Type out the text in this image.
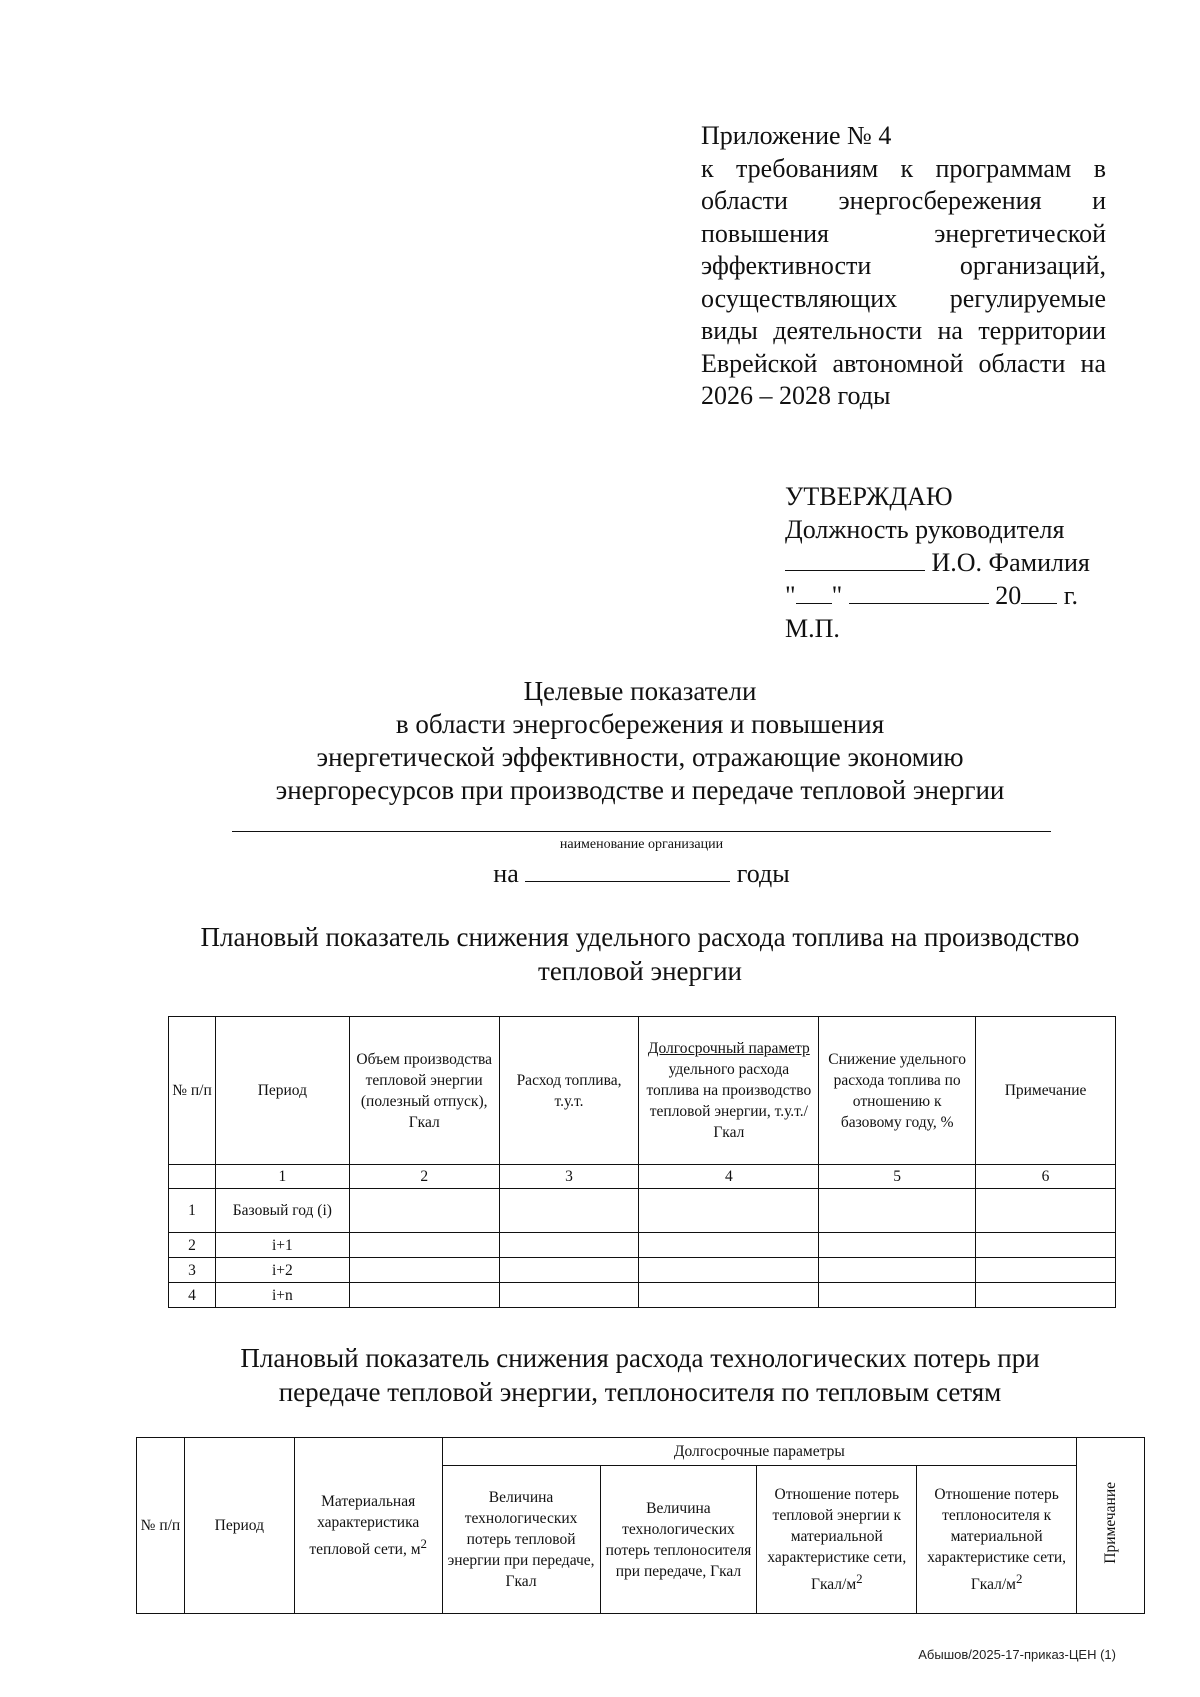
Приложение № 4
к требованиям к программам в области энергосбережения и повышения энергетической эффективности организаций, осуществляющих регулируемые виды деятельности на территории Еврейской автономной области на 2026 – 2028 годы
УТВЕРЖДАЮ
Должность руководителя
И.О. Фамилия
" "	20 г.
М.П.
Целевые показатели
в области энергосбережения и повышения
энергетической эффективности, отражающие экономию
энергоресурсов при производстве и передаче тепловой энергии
наименование организации
на	годы
Плановый показатель снижения удельного расхода топлива на производство
тепловой энергии
№ п/п	Период	Объем производства тепловой энергии (полезный отпуск), Гкал	Расход топлива, т.у.т.	Долгосрочный параметр удельного расхода топлива на производство тепловой энергии, т.у.т./Гкал	Снижение удельного расхода топлива по отношению к базовому году, %	Примечание
	1	2	3	4	5	6
1	Базовый год (i)					
2	i+1					
3	i+2					
4	i+n					
Плановый показатель снижения расхода технологических потерь при
передаче тепловой энергии, теплоносителя по тепловым сетям
№ п/п	Период	Материальная характеристика тепловой сети, $м^2$	Долгосрочные параметры				Примечание
			Величина технологических потерь тепловой энергии при передаче, Гкал	Величина технологических потерь теплоносителя при передаче, Гкал	Отношение потерь тепловой энергии к материальной характеристике сети, Гкал/$м^2$	Отношение потерь теплоносителя к материальной характеристике сети, Гкал/$м^2$
Абышов/2025-17-приказ-ЦЕН (1)
